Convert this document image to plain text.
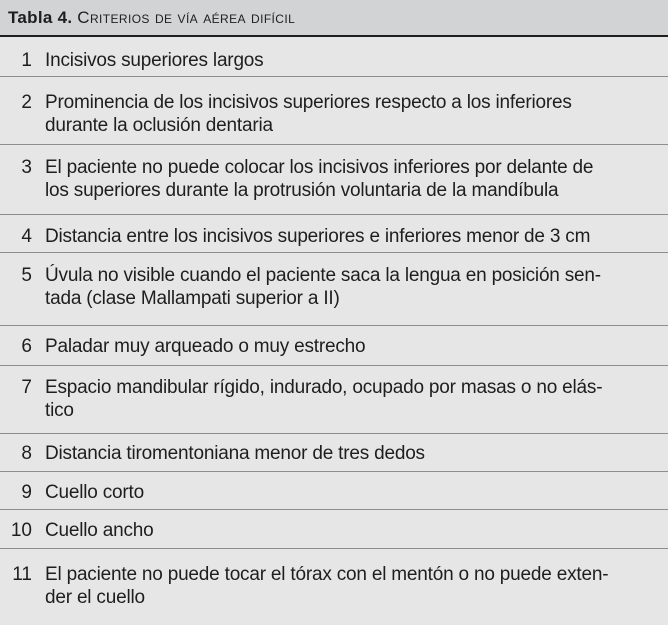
Tabla 4. Criterios de vía aérea difícil
1 Incisivos superiores largos
2 Prominencia de los incisivos superiores respecto a los inferiores
durante la oclusión dentaria
3 El paciente no puede colocar los incisivos inferiores por delante de
los superiores durante la protrusión voluntaria de la mandíbula
4 Distancia entre los incisivos superiores e inferiores menor de 3 cm
5 Úvula no visible cuando el paciente saca la lengua en posición sen-
tada (clase Mallampati superior a II)
6 Paladar muy arqueado o muy estrecho
7 Espacio mandibular rígido, indurado, ocupado por masas o no elás-
tico
8 Distancia tiromentoniana menor de tres dedos
9 Cuello corto
10 Cuello ancho
11 El paciente no puede tocar el tórax con el mentón o no puede exten-
der el cuello
